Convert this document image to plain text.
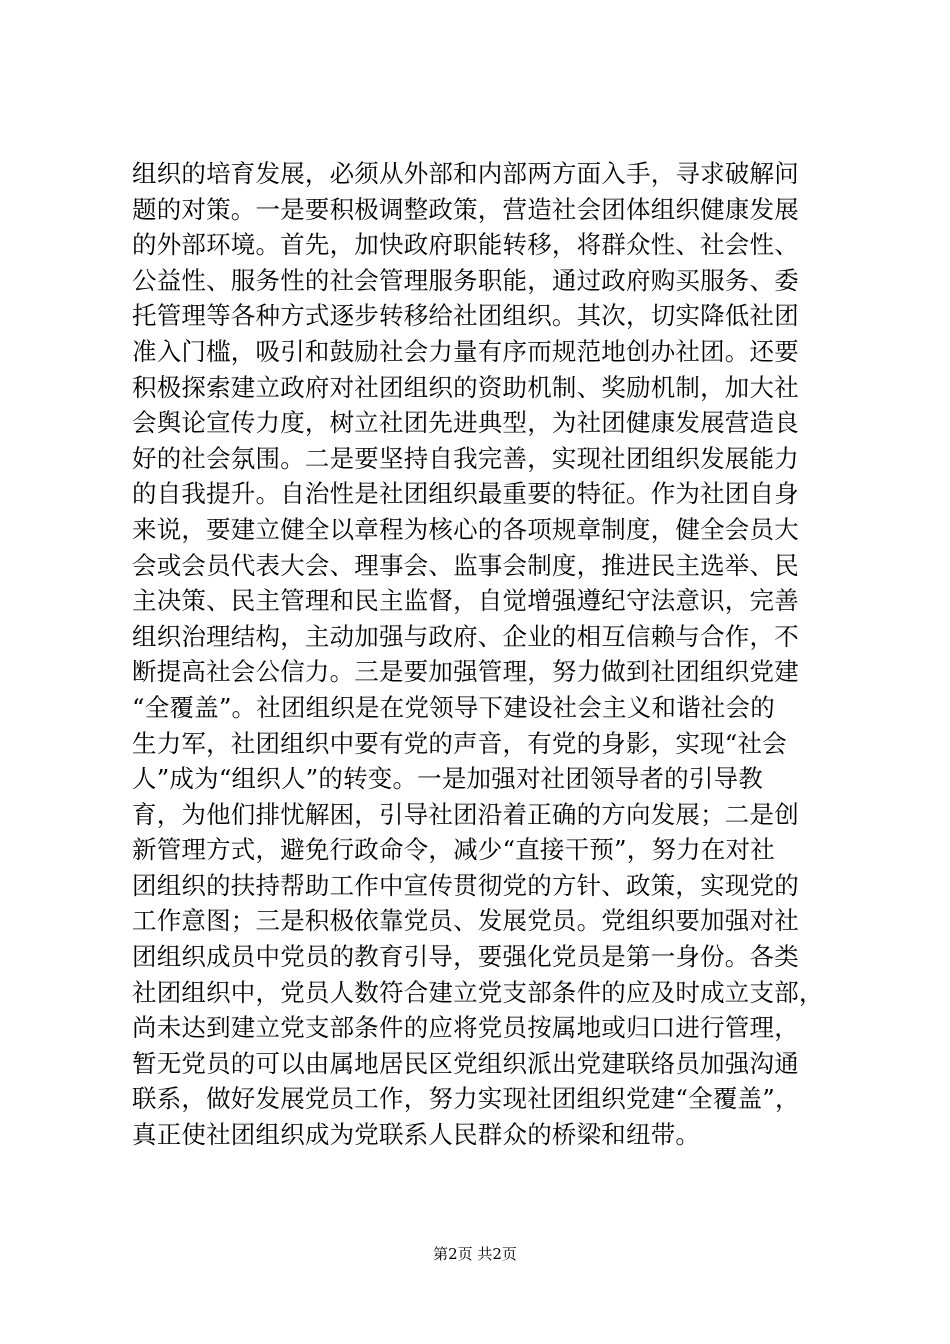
组织的培育发展，必须从外部和内部两方面入手，寻求破解问
题的对策。一是要积极调整政策，营造社会团体组织健康发展
的外部环境。首先，加快政府职能转移，将群众性、社会性、
公益性、服务性的社会管理服务职能，通过政府购买服务、委
托管理等各种方式逐步转移给社团组织。其次，切实降低社团
准入门槛，吸引和鼓励社会力量有序而规范地创办社团。还要
积极探索建立政府对社团组织的资助机制、奖励机制，加大社
会舆论宣传力度，树立社团先进典型，为社团健康发展营造良
好的社会氛围。二是要坚持自我完善，实现社团组织发展能力
的自我提升。自治性是社团组织最重要的特征。作为社团自身
来说，要建立健全以章程为核心的各项规章制度，健全会员大
会或会员代表大会、理事会、监事会制度，推进民主选举、民
主决策、民主管理和民主监督，自觉增强遵纪守法意识，完善
组织治理结构，主动加强与政府、企业的相互信赖与合作，不
断提高社会公信力。三是要加强管理，努力做到社团组织党建
“全覆盖”。社团组织是在党领导下建设社会主义和谐社会的
生力军，社团组织中要有党的声音，有党的身影，实现“社会
人”成为“组织人”的转变。一是加强对社团领导者的引导教
育，为他们排忧解困，引导社团沿着正确的方向发展；二是创
新管理方式，避免行政命令，减少“直接干预”，努力在对社
团组织的扶持帮助工作中宣传贯彻党的方针、政策，实现党的
工作意图；三是积极依靠党员、发展党员。党组织要加强对社
团组织成员中党员的教育引导，要强化党员是第一身份。各类
社团组织中，党员人数符合建立党支部条件的应及时成立支部，
尚未达到建立党支部条件的应将党员按属地或归口进行管理，
暂无党员的可以由属地居民区党组织派出党建联络员加强沟通
联系，做好发展党员工作，努力实现社团组织党建“全覆盖”，
真正使社团组织成为党联系人民群众的桥梁和纽带。
第2页 共2页
